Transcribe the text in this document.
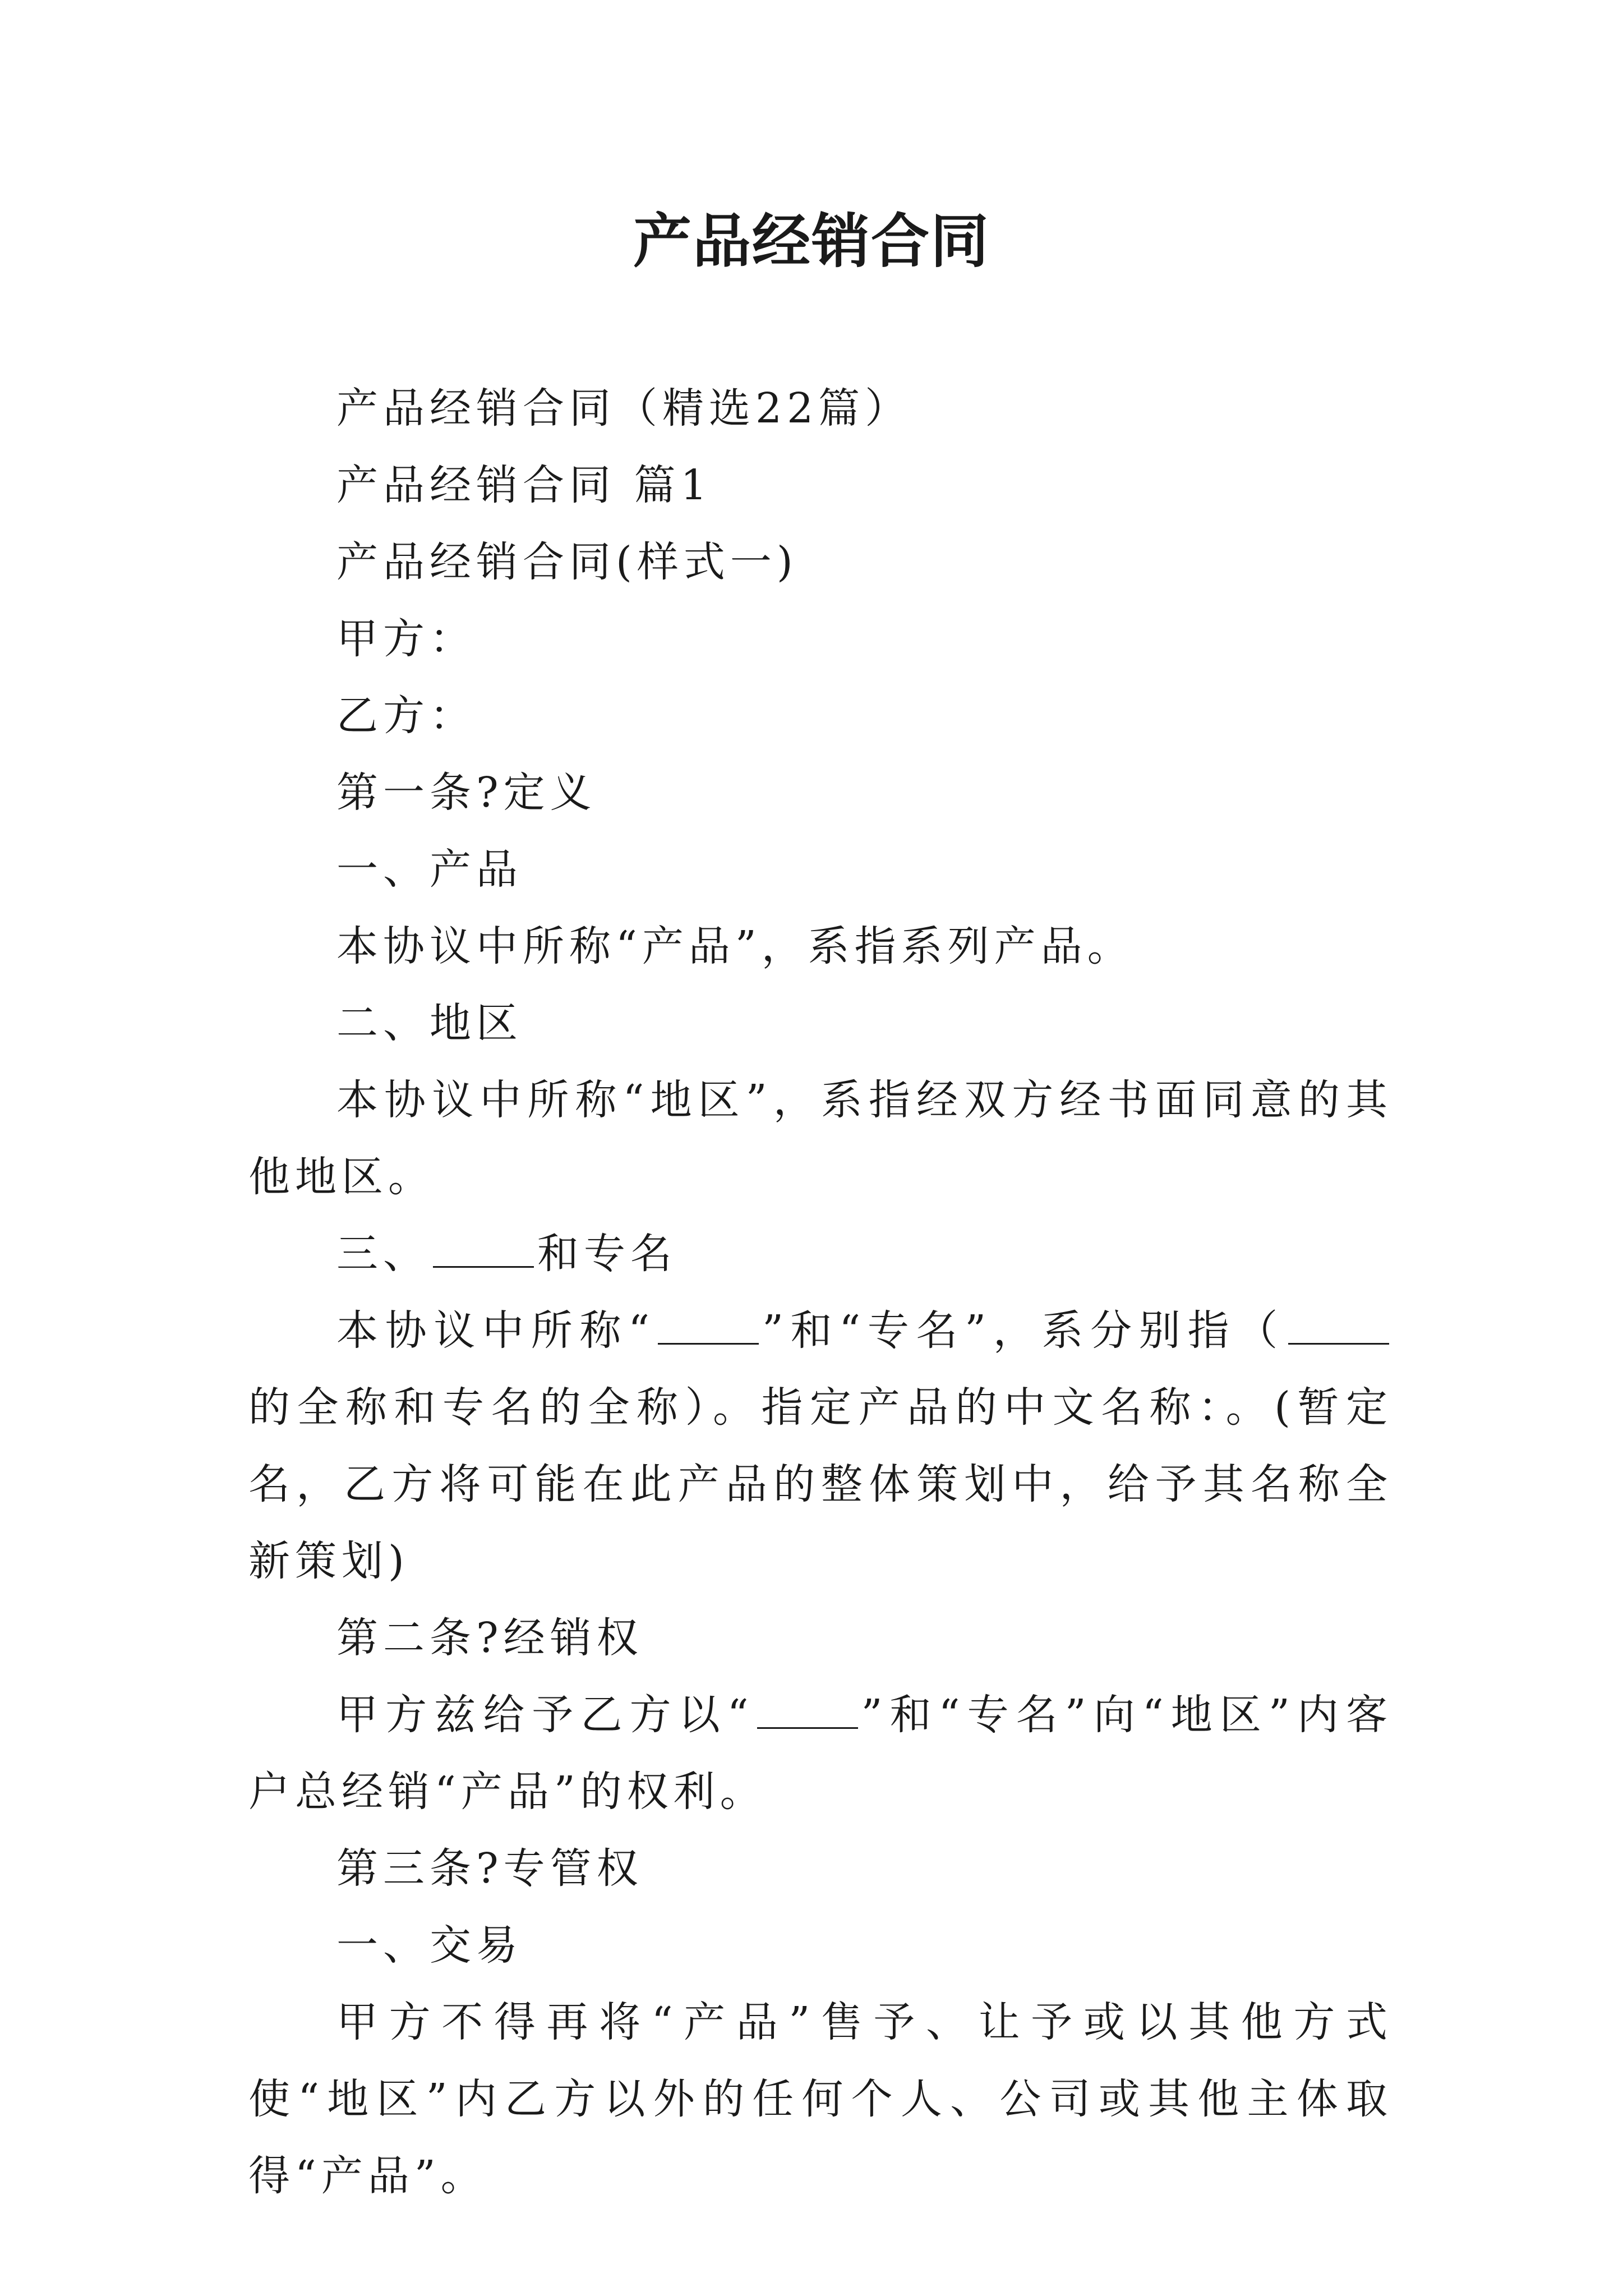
产品经销合同

产品经销合同（精选22篇）

产品经销合同 篇1

产品经销合同(样式一)

甲方：

乙方：

第一条?定义

一、产品

本协议中所称“产品”，系指系列产品。

二、地区

本协议中所称“地区”，系指经双方经书面同意的其他地区。

三、	和专名

本协议中所称“	”和“专名”，系分别指（的全称和专名的全称）。指定产品的中文名称：。(暂定名，乙方将可能在此产品的整体策划中，给予其名称全新策划)

第二条?经销权

甲方兹给予乙方以“	”和“专名”向“地区”内客户总经销“产品”的权利。

第三条?专管权

一、交易

甲方不得再将“产品”售予、让予或以其他方式使“地区”内乙方以外的任何个人、公司或其他主体取得“产品”。
